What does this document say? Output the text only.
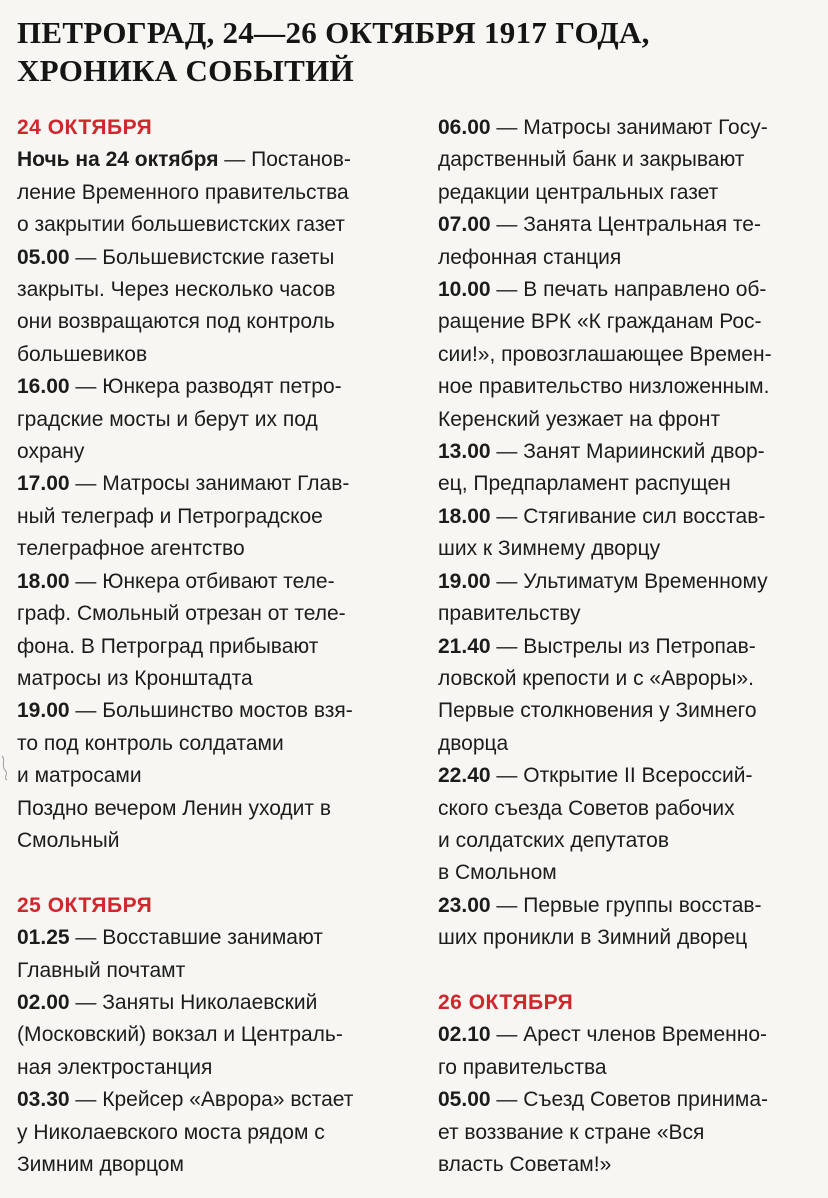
ПЕТРОГРАД, 24—26 ОКТЯБРЯ 1917 ГОДА,
ХРОНИКА СОБЫТИЙ
24 ОКТЯБРЯ
Ночь на 24 октября — Постанов-
ление Временного правительства
о закрытии большевистских газет
05.00 — Большевистские газеты
закрыты. Через несколько часов
они возвращаются под контроль
большевиков
16.00 — Юнкера разводят петро-
градские мосты и берут их под
охрану
17.00 — Матросы занимают Глав-
ный телеграф и Петроградское
телеграфное агентство
18.00 — Юнкера отбивают теле-
граф. Смольный отрезан от теле-
фона. В Петроград прибывают
матросы из Кронштадта
19.00 — Большинство мостов взя-
то под контроль солдатами
и матросами
Поздно вечером Ленин уходит в
Смольный
25 ОКТЯБРЯ
01.25 — Восставшие занимают
Главный почтамт
02.00 — Заняты Николаевский
(Московский) вокзал и Централь-
ная электростанция
03.30 — Крейсер «Аврора» встает
у Николаевского моста рядом с
Зимним дворцом
06.00 — Матросы занимают Госу-
дарственный банк и закрывают
редакции центральных газет
07.00 — Занята Центральная те-
лефонная станция
10.00 — В печать направлено об-
ращение ВРК «К гражданам Рос-
сии!», провозглашающее Времен-
ное правительство низложенным.
Керенский уезжает на фронт
13.00 — Занят Мариинский двор-
ец, Предпарламент распущен
18.00 — Стягивание сил восстав-
ших к Зимнему дворцу
19.00 — Ультиматум Временному
правительству
21.40 — Выстрелы из Петропав-
ловской крепости и с «Авроры».
Первые столкновения у Зимнего
дворца
22.40 — Открытие II Всероссий-
ского съезда Советов рабочих
и солдатских депутатов
в Смольном
23.00 — Первые группы восстав-
ших проникли в Зимний дворец
26 ОКТЯБРЯ
02.10 — Арест членов Временно-
го правительства
05.00 — Съезд Советов принима-
ет воззвание к стране «Вся
власть Советам!»
